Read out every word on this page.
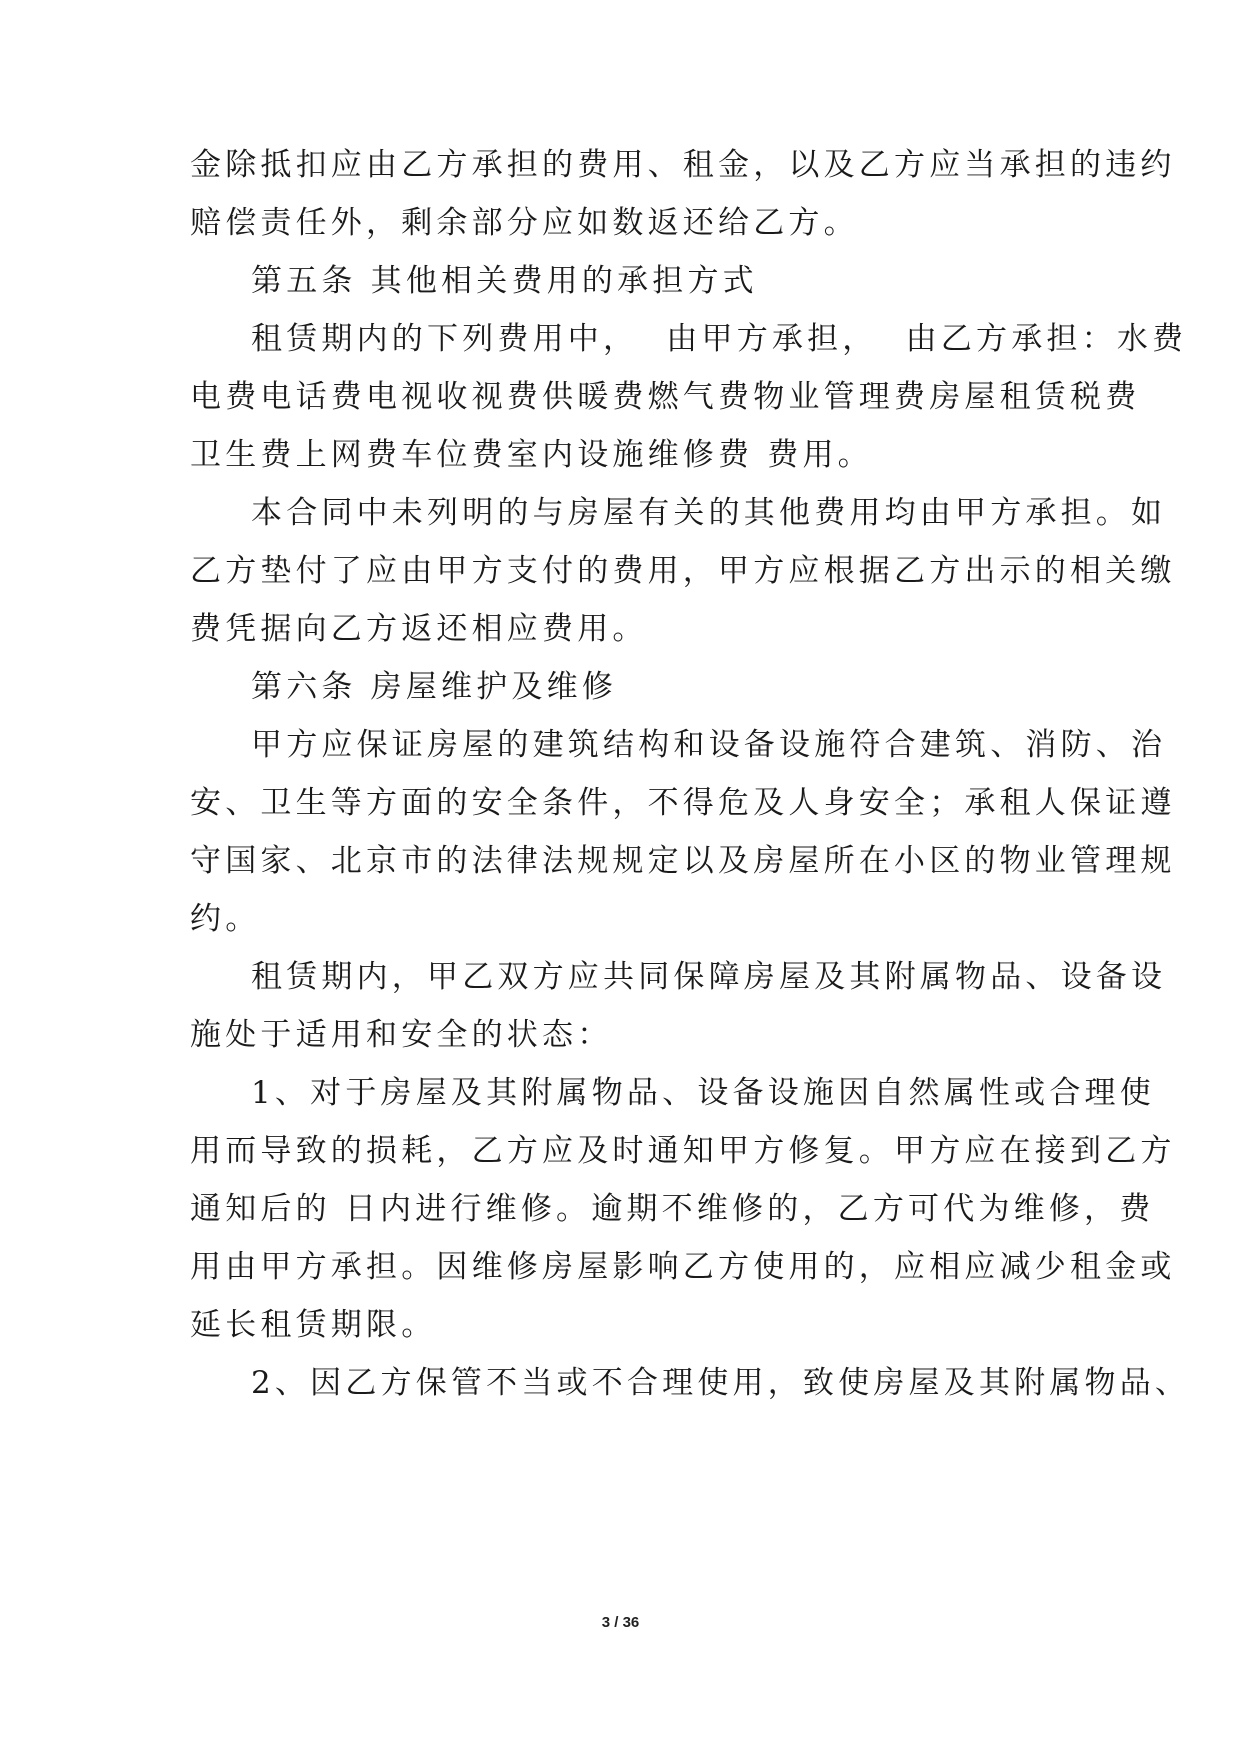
金除抵扣应由乙方承担的费用、租金，以及乙方应当承担的违约
赔偿责任外，剩余部分应如数返还给乙方。
第五条 其他相关费用的承担方式
租赁期内的下列费用中，  由甲方承担，  由乙方承担：水费
电费电话费电视收视费供暖费燃气费物业管理费房屋租赁税费
卫生费上网费车位费室内设施维修费 费用。
本合同中未列明的与房屋有关的其他费用均由甲方承担。如
乙方垫付了应由甲方支付的费用，甲方应根据乙方出示的相关缴
费凭据向乙方返还相应费用。
第六条 房屋维护及维修
甲方应保证房屋的建筑结构和设备设施符合建筑、消防、治
安、卫生等方面的安全条件，不得危及人身安全；承租人保证遵
守国家、北京市的法律法规规定以及房屋所在小区的物业管理规
约。
租赁期内，甲乙双方应共同保障房屋及其附属物品、设备设
施处于适用和安全的状态：
1、对于房屋及其附属物品、设备设施因自然属性或合理使
用而导致的损耗，乙方应及时通知甲方修复。甲方应在接到乙方
通知后的 日内进行维修。逾期不维修的，乙方可代为维修，费
用由甲方承担。因维修房屋影响乙方使用的，应相应减少租金或
延长租赁期限。
2、因乙方保管不当或不合理使用，致使房屋及其附属物品、
3 / 36
